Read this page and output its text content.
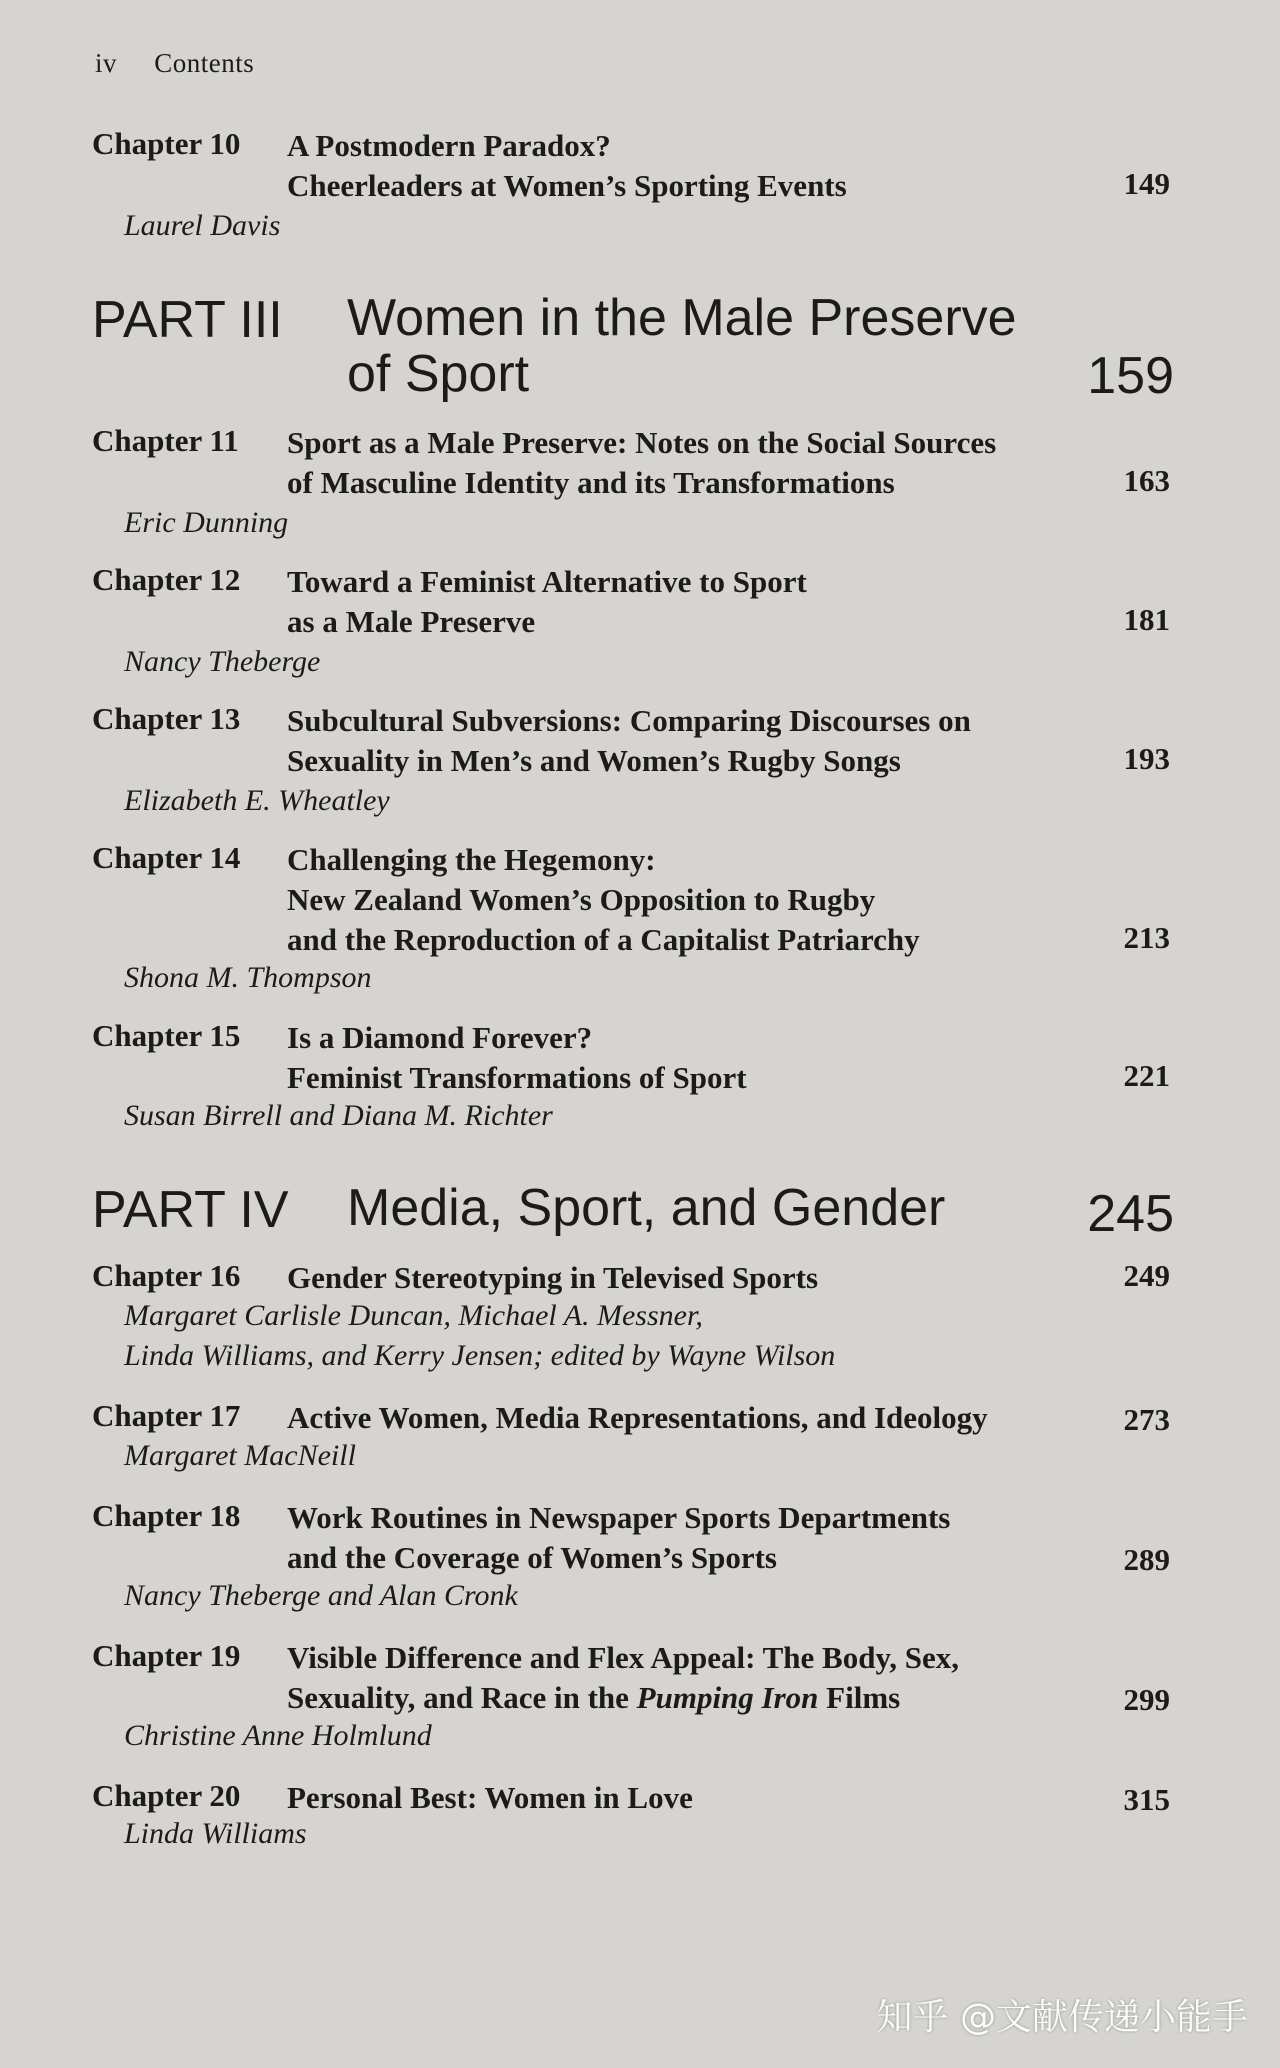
iv Contents
Chapter 10 A Postmodern Paradox?
Cheerleaders at Women’s Sporting Events	149
Laurel Davis
PART III Women in the Male Preserve
of Sport	159
Chapter 11 Sport as a Male Preserve: Notes on the Social Sources
of Masculine Identity and its Transformations	163
Eric Dunning
Chapter 12 Toward a Feminist Alternative to Sport
as a Male Preserve	181
Nancy Theberge
Chapter 13 Subcultural Subversions: Comparing Discourses on
Sexuality in Men’s and Women’s Rugby Songs	193
Elizabeth E. Wheatley
Chapter 14 Challenging the Hegemony:
New Zealand Women’s Opposition to Rugby
and the Reproduction of a Capitalist Patriarchy	213
Shona M. Thompson
Chapter 15 Is a Diamond Forever?
Feminist Transformations of Sport	221
Susan Birrell and Diana M. Richter
PART IV Media, Sport, and Gender	245
Chapter 16 Gender Stereotyping in Televised Sports	249
Margaret Carlisle Duncan, Michael A. Messner,
Linda Williams, and Kerry Jensen; edited by Wayne Wilson
Chapter 17 Active Women, Media Representations, and Ideology	273
Margaret MacNeill
Chapter 18 Work Routines in Newspaper Sports Departments
and the Coverage of Women’s Sports	289
Nancy Theberge and Alan Cronk
Chapter 19 Visible Difference and Flex Appeal: The Body, Sex,
Sexuality, and Race in the Pumping Iron Films	299
Christine Anne Holmlund
Chapter 20 Personal Best: Women in Love	315
Linda Williams
知乎 @文献传递小能手
